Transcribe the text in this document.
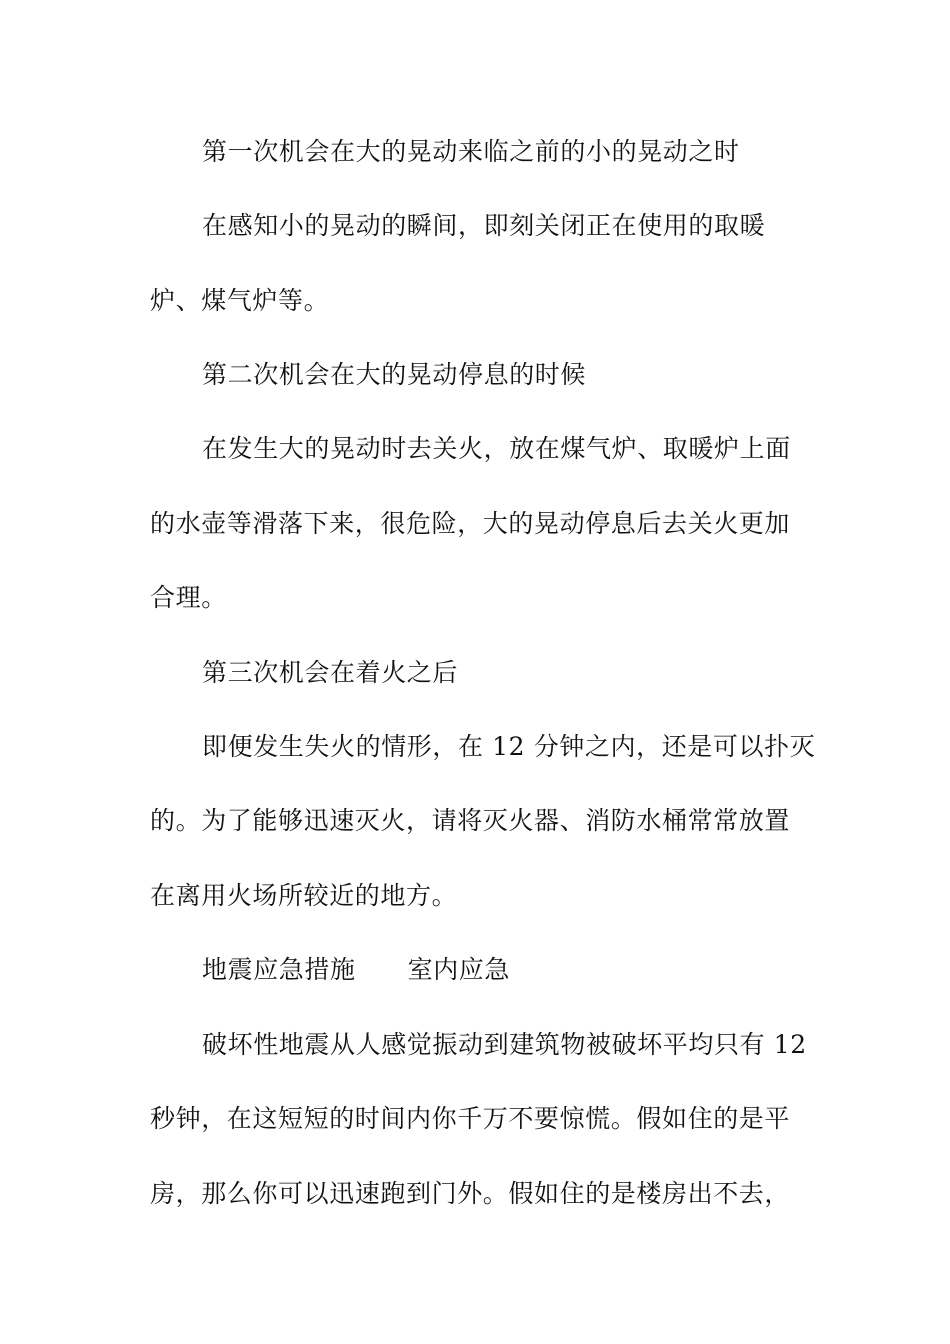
第一次机会在大的晃动来临之前的小的晃动之时
在感知小的晃动的瞬间，即刻关闭正在使用的取暖
炉、煤气炉等。
第二次机会在大的晃动停息的时候
在发生大的晃动时去关火，放在煤气炉、取暖炉上面
的水壶等滑落下来，很危险，大的晃动停息后去关火更加
合理。
第三次机会在着火之后
即便发生失火的情形，在 12 分钟之内，还是可以扑灭
的。为了能够迅速灭火，请将灭火器、消防水桶常常放置
在离用火场所较近的地方。
地震应急措施 室内应急
破坏性地震从人感觉振动到建筑物被破坏平均只有 12
秒钟，在这短短的时间内你千万不要惊慌。假如住的是平
房，那么你可以迅速跑到门外。假如住的是楼房出不去，
